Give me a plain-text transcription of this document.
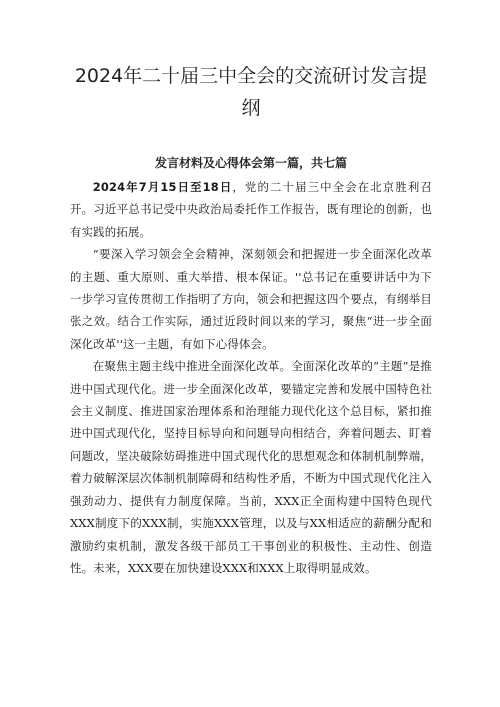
2024年二十届三中全会的交流研讨发言提纲
发言材料及心得体会第一篇，共七篇

2024年7月15日至18日，党的二十届三中全会在北京胜利召开。习近平总书记受中央政治局委托作工作报告，既有理论的创新，也有实践的拓展。

“要深入学习领会全会精神，深刻领会和把握进一步全面深化改革的主题、重大原则、重大举措、根本保证。''总书记在重要讲话中为下一步学习宣传贯彻工作指明了方向，领会和把握这四个要点，有纲举目张之效。结合工作实际，通过近段时间以来的学习，聚焦“进一步全面深化改革''这一主题，有如下心得体会。

在聚焦主题主线中推进全面深化改革。全面深化改革的“主题”是推进中国式现代化。进一步全面深化改革，要锚定完善和发展中国特色社会主义制度、推进国家治理体系和治理能力现代化这个总目标，紧扣推进中国式现代化，坚持目标导向和问题导向相结合，奔着问题去、盯着问题改，坚决破除妨碍推进中国式现代化的思想观念和体制机制弊端，着力破解深层次体制机制障碍和结构性矛盾，不断为中国式现代化注入强劲动力、提供有力制度保障。当前，XXX正全面构建中国特色现代XXX制度下的XXX制，实施XXX管理，以及与XX相适应的薪酬分配和激励约束机制，激发各级干部员工干事创业的积极性、主动性、创造性。未来，XXX要在加快建设XXX和XXX上取得明显成效。
